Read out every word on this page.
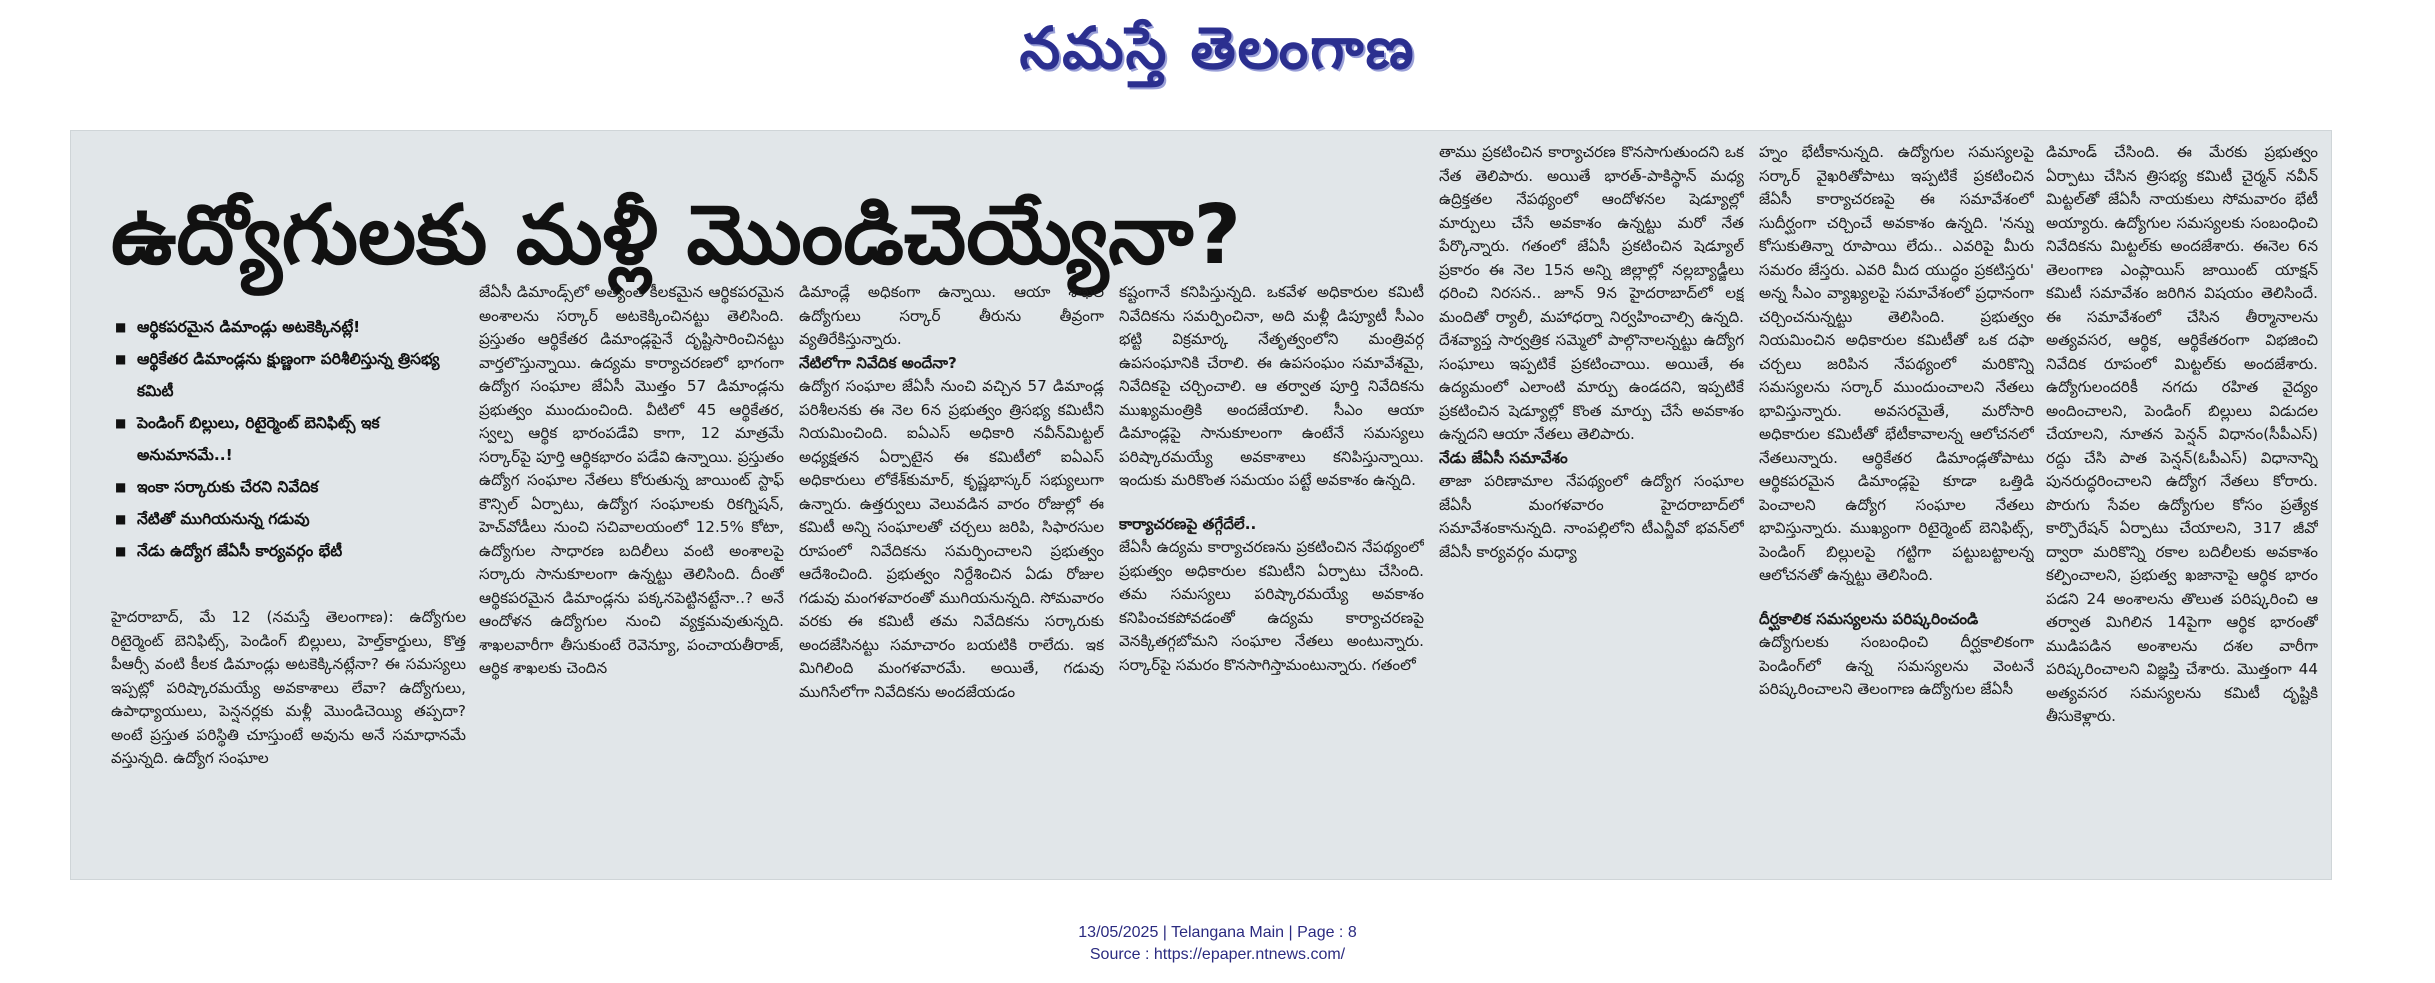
నమస్తే తెలంగాణ
ఉద్యోగులకు మళ్లీ మొండిచెయ్యేనా?
■ ఆర్థికపరమైన డిమాండ్లు అటకెక్కినట్లే!
■ ఆర్థికేతర డిమాండ్లను క్షుణ్ణంగా పరిశీలిస్తున్న త్రిసభ్య కమిటీ
■ పెండింగ్ బిల్లులు, రిటైర్మెంట్ బెనిఫిట్స్ ఇక అనుమానమే..!
■ ఇంకా సర్కారుకు చేరని నివేదిక
■ నేటితో ముగియనున్న గడువు
■ నేడు ఉద్యోగ జేఏసీ కార్యవర్గం భేటీ

హైదరాబాద్, మే 12 (నమస్తే తెలంగాణ): ఉద్యోగుల రిటైర్మెంట్ బెనిఫిట్స్, పెండింగ్ బిల్లులు, హెల్త్‌కార్డులు, కొత్త పీఆర్సీ వంటి కీలక డిమాండ్లు అటకెక్కినట్లేనా? ఈ సమస్యలు ఇప్పట్లో పరిష్కారమయ్యే అవకాశాలు లేవా? ఉద్యోగులు, ఉపాధ్యాయులు, పెన్షనర్లకు మళ్లీ మొండిచెయ్యి తప్పదా? అంటే ప్రస్తుత పరిస్థితి చూస్తుంటే అవును అనే సమాధానమే వస్తున్నది. ఉద్యోగ సంఘాల

జేఏసీ డిమాండ్స్‌లో అత్యంత కీలకమైన ఆర్థికపరమైన అంశాలను సర్కార్ అటకెక్కించినట్టు తెలిసింది. ప్రస్తుతం ఆర్థికేతర డిమాండ్లపైనే దృష్టిసారించినట్టు వార్తలొస్తున్నాయి. ఉద్యమ కార్యాచరణలో భాగంగా ఉద్యోగ సంఘాల జేఏసీ మొత్తం 57 డిమాండ్లను ప్రభుత్వం ముందుంచింది. వీటిలో 45 ఆర్థికేతర, స్వల్ప ఆర్థిక భారంపడేవి కాగా, 12 మాత్రమే సర్కార్‌పై పూర్తి ఆర్థికభారం పడేవి ఉన్నాయి. ప్రస్తుతం ఉద్యోగ సంఘాల నేతలు కోరుతున్న జాయింట్ స్టాఫ్ కౌన్సిల్ ఏర్పాటు, ఉద్యోగ సంఘాలకు రికగ్నిషన్, హెచ్‌వోడీలు నుంచి సచివాలయంలో 12.5% కోటా, ఉద్యోగుల సాధారణ బదిలీలు వంటి అంశాలపై సర్కారు సానుకూలంగా ఉన్నట్టు తెలిసింది. దీంతో ఆర్థికపరమైన డిమాండ్లను పక్కనపెట్టినట్టేనా..? అనే ఆందోళన ఉద్యోగుల నుంచి వ్యక్తమవుతున్నది. శాఖలవారీగా తీసుకుంటే రెవెన్యూ, పంచాయతీరాజ్, ఆర్థిక శాఖలకు చెందిన

డిమాండ్లే అధికంగా ఉన్నాయి. ఆయా శాఖల ఉద్యోగులు సర్కార్ తీరును తీవ్రంగా వ్యతిరేకిస్తున్నారు.

నేటిలోగా నివేదిక అందేనా?

ఉద్యోగ సంఘాల జేఏసీ నుంచి వచ్చిన 57 డిమాండ్ల పరిశీలనకు ఈ నెల 6న ప్రభుత్వం త్రిసభ్య కమిటీని నియమించింది. ఐఏఎస్ అధికారి నవీన్‌మిట్టల్ అధ్యక్షతన ఏర్పాటైన ఈ కమిటీలో ఐఏఎస్ అధికారులు లోకేశ్‌కుమార్, కృష్ణభాస్కర్ సభ్యులుగా ఉన్నారు. ఉత్తర్వులు వెలువడిన వారం రోజుల్లో ఈ కమిటీ అన్ని సంఘాలతో చర్చలు జరిపి, సిఫారసుల రూపంలో నివేదికను సమర్పించాలని ప్రభుత్వం ఆదేశించింది. ప్రభుత్వం నిర్దేశించిన ఏడు రోజుల గడువు మంగళవారంతో ముగియనున్నది. సోమవారం వరకు ఈ కమిటీ తమ నివేదికను సర్కారుకు అందజేసినట్టు సమాచారం బయటికి రాలేదు. ఇక మిగిలింది మంగళవారమే. అయితే, గడువు ముగిసేలోగా నివేదికను అందజేయడం

కష్టంగానే కనిపిస్తున్నది. ఒకవేళ అధికారుల కమిటీ నివేదికను సమర్పించినా, అది మళ్లీ డిప్యూటీ సీఎం భట్టి విక్రమార్క నేతృత్వంలోని మంత్రివర్గ ఉపసంఘానికి చేరాలి. ఈ ఉపసంఘం సమావేశమై, నివేదికపై చర్చించాలి. ఆ తర్వాత పూర్తి నివేదికను ముఖ్యమంత్రికి అందజేయాలి. సీఎం ఆయా డిమాండ్లపై సానుకూలంగా ఉంటేనే సమస్యలు పరిష్కారమయ్యే అవకాశాలు కనిపిస్తున్నాయి. ఇందుకు మరికొంత సమయం పట్టే అవకాశం ఉన్నది.

కార్యాచరణపై తగ్గేదేలే..

జేఏసీ ఉద్యమ కార్యాచరణను ప్రకటించిన నేపథ్యంలో ప్రభుత్వం అధికారుల కమిటీని ఏర్పాటు చేసింది. తమ సమస్యలు పరిష్కారమయ్యే అవకాశం కనిపించకపోవడంతో ఉద్యమ కార్యాచరణపై వెనక్కితగ్గబోమని సంఘాల నేతలు అంటున్నారు. సర్కార్‌పై సమరం కొనసాగిస్తామంటున్నారు. గతంలో

తాము ప్రకటించిన కార్యాచరణ కొనసాగుతుందని ఒక నేత తెలిపారు. అయితే భారత్-పాకిస్థాన్ మధ్య ఉద్రిక్తతల నేపథ్యంలో ఆందోళనల షెడ్యూల్లో మార్పులు చేసే అవకాశం ఉన్నట్టు మరో నేత పేర్కొన్నారు. గతంలో జేఏసీ ప్రకటించిన షెడ్యూల్ ప్రకారం ఈ నెల 15న అన్ని జిల్లాల్లో నల్లబ్యాడ్జీలు ధరించి నిరసన.. జూన్ 9న హైదరాబాద్‌లో లక్ష మందితో ర్యాలీ, మహాధర్నా నిర్వహించాల్సి ఉన్నది. దేశవ్యాప్త సార్వత్రిక సమ్మెలో పాల్గొనాలన్నట్టు ఉద్యోగ సంఘాలు ఇప్పటికే ప్రకటించాయి. అయితే, ఈ ఉద్యమంలో ఎలాంటి మార్పు ఉండదని, ఇప్పటికే ప్రకటించిన షెడ్యూల్లో కొంత మార్పు చేసే అవకాశం ఉన్నదని ఆయా నేతలు తెలిపారు.

నేడు జేఏసీ సమావేశం

తాజా పరిణామాల నేపథ్యంలో ఉద్యోగ సంఘాల జేఏసీ మంగళవారం హైదరాబాద్‌లో సమావేశంకానున్నది. నాంపల్లిలోని టీఎన్జీవో భవన్‌లో జేఏసీ కార్యవర్గం మధ్యా

హ్నం భేటీకానున్నది. ఉద్యోగుల సమస్యలపై సర్కార్ వైఖరితోపాటు ఇప్పటికే ప్రకటించిన జేఏసీ కార్యాచరణపై ఈ సమావేశంలో సుదీర్ఘంగా చర్చించే అవకాశం ఉన్నది. 'నన్ను కోసుకుతిన్నా రూపాయి లేదు.. ఎవరిపై మీరు సమరం జేస్తరు. ఎవరి మీద యుద్ధం ప్రకటిస్తరు' అన్న సీఎం వ్యాఖ్యలపై సమావేశంలో ప్రధానంగా చర్చించనున్నట్టు తెలిసింది. ప్రభుత్వం నియమించిన అధికారుల కమిటీతో ఒక దఫా చర్చలు జరిపిన నేపథ్యంలో మరికొన్ని సమస్యలను సర్కార్ ముందుంచాలని నేతలు భావిస్తున్నారు. అవసరమైతే, మరోసారి అధికారుల కమిటీతో భేటీకావాలన్న ఆలోచనలో నేతలున్నారు. ఆర్థికేతర డిమాండ్లతోపాటు ఆర్థికపరమైన డిమాండ్లపై కూడా ఒత్తిడి పెంచాలని ఉద్యోగ సంఘాల నేతలు భావిస్తున్నారు. ముఖ్యంగా రిటైర్మెంట్ బెనిఫిట్స్, పెండింగ్ బిల్లులపై గట్టిగా పట్టుబట్టాలన్న ఆలోచనతో ఉన్నట్టు తెలిసింది.

దీర్ఘకాలిక సమస్యలను పరిష్కరించండి

ఉద్యోగులకు సంబంధించి దీర్ఘకాలికంగా పెండింగ్‌లో ఉన్న సమస్యలను వెంటనే పరిష్కరించాలని తెలంగాణ ఉద్యోగుల జేఏసీ

డిమాండ్ చేసింది. ఈ మేరకు ప్రభుత్వం ఏర్పాటు చేసిన త్రిసభ్య కమిటీ చైర్మన్ నవీన్ మిట్టల్‌తో జేఏసీ నాయకులు సోమవారం భేటీ అయ్యారు. ఉద్యోగుల సమస్యలకు సంబంధించి నివేదికను మిట్టల్‌కు అందజేశారు. ఈనెల 6న తెలంగాణ ఎంప్లాయిస్ జాయింట్ యాక్షన్ కమిటీ సమావేశం జరిగిన విషయం తెలిసిందే. ఈ సమావేశంలో చేసిన తీర్మానాలను అత్యవసర, ఆర్థిక, ఆర్థికేతరంగా విభజించి నివేదిక రూపంలో మిట్టల్‌కు అందజేశారు. ఉద్యోగులందరికీ నగదు రహిత వైద్యం అందించాలని, పెండింగ్ బిల్లులు విడుదల చేయాలని, నూతన పెన్షన్ విధానం(సీపీఎస్) రద్దు చేసి పాత పెన్షన్(ఓపీఎస్) విధానాన్ని పునరుద్ధరించాలని ఉద్యోగ నేతలు కోరారు. పొరుగు సేవల ఉద్యోగుల కోసం ప్రత్యేక కార్పొరేషన్ ఏర్పాటు చేయాలని, 317 జీవో ద్వారా మరికొన్ని రకాల బదిలీలకు అవకాశం కల్పించాలని, ప్రభుత్వ ఖజానాపై ఆర్థిక భారం పడని 24 అంశాలను తొలుత పరిష్కరించి ఆ తర్వాత మిగిలిన 14పైగా ఆర్థిక భారంతో ముడిపడిన అంశాలను దశల వారీగా పరిష్కరించాలని విజ్ఞప్తి చేశారు. మొత్తంగా 44 అత్యవసర సమస్యలను కమిటీ దృష్టికి తీసుకెళ్లారు.

13/05/2025 | Telangana Main | Page : 8
Source : https://epaper.ntnews.com/
